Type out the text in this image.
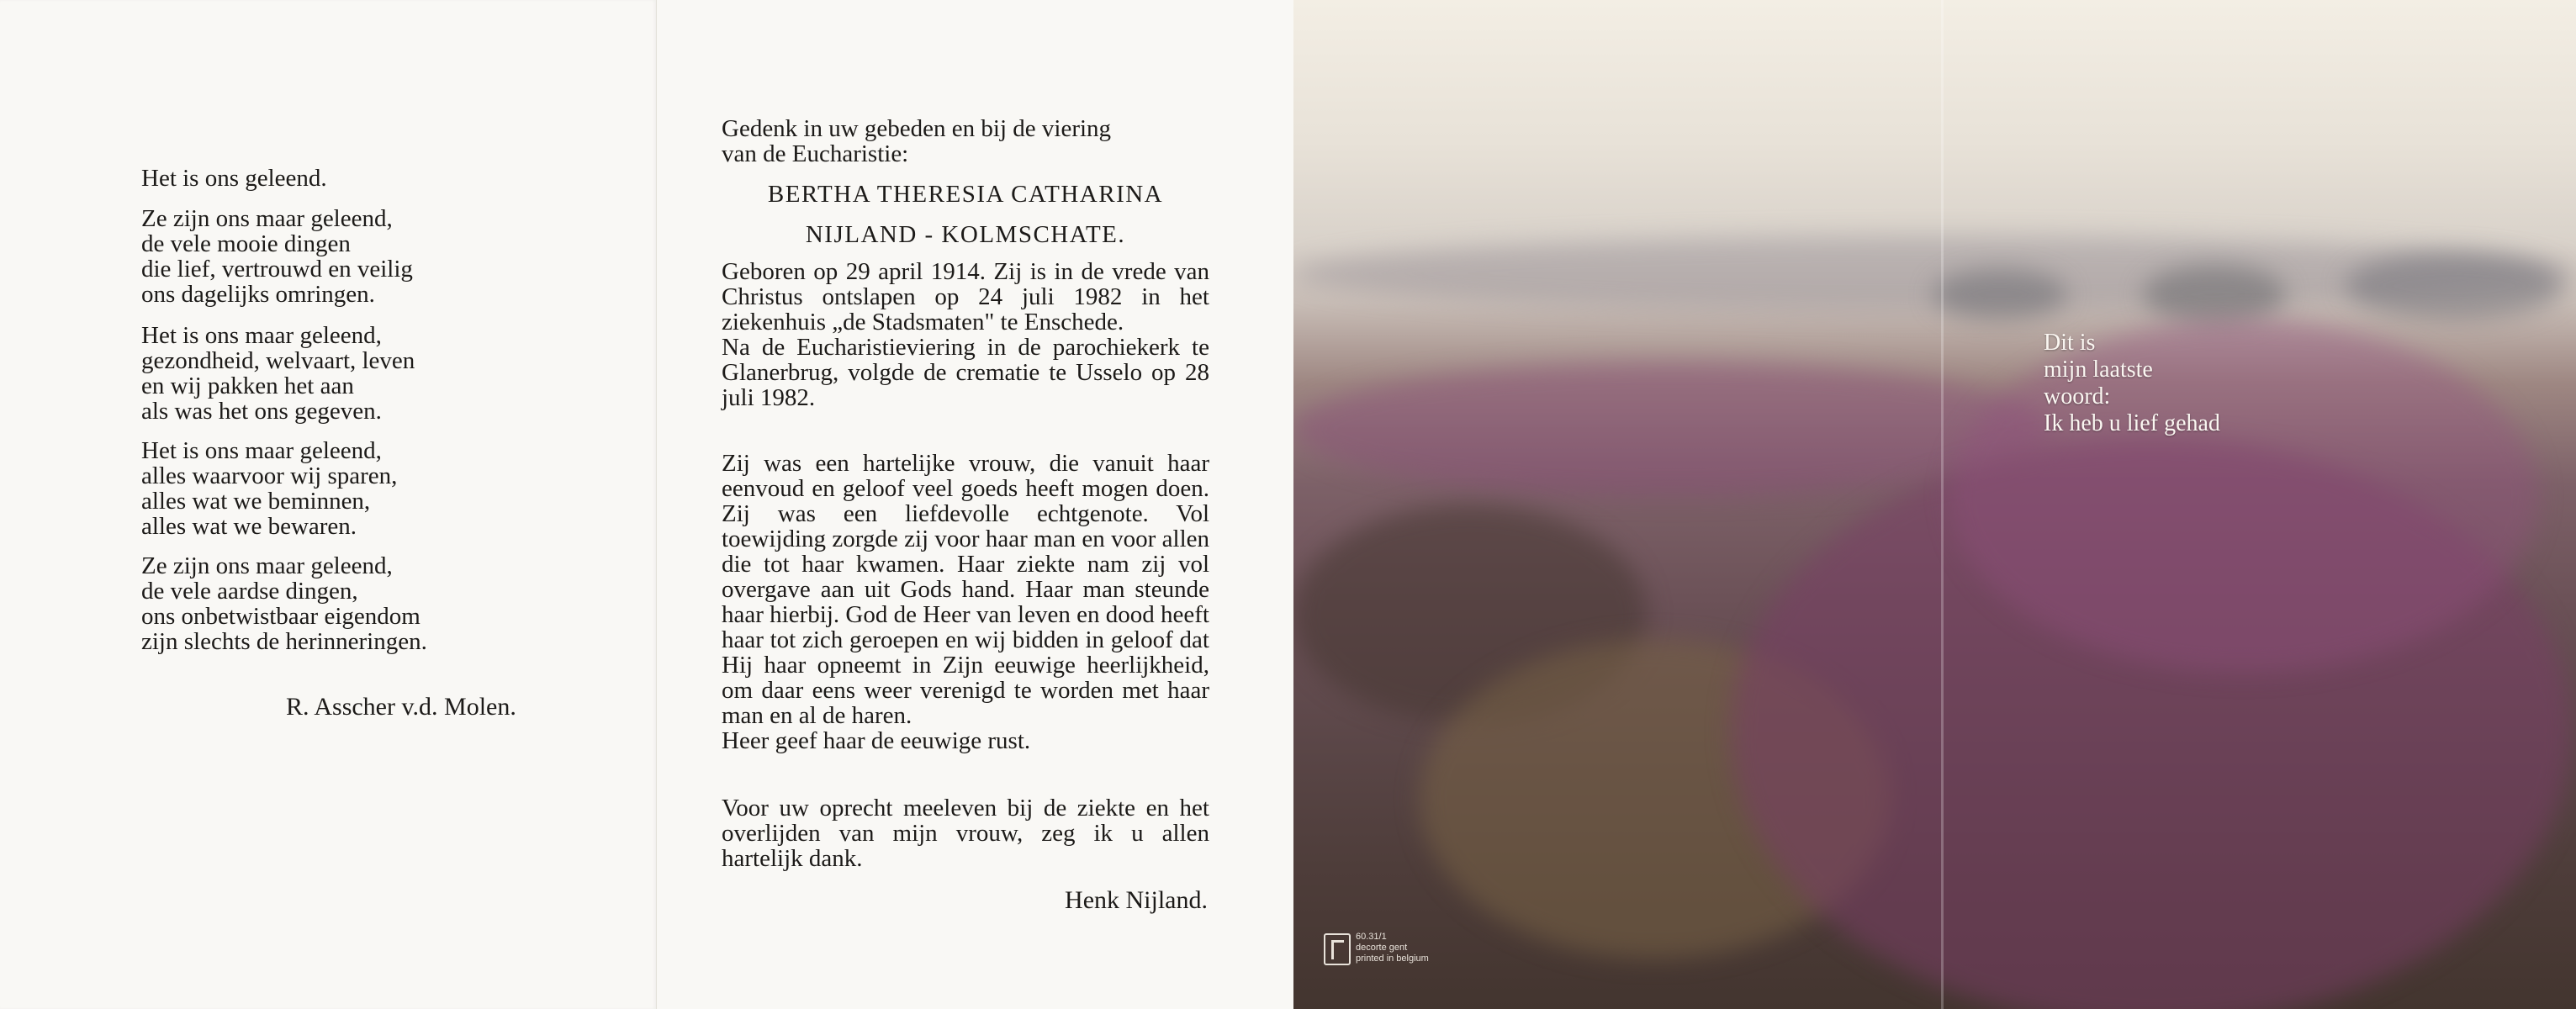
Het is ons geleend.
Ze zijn ons maar geleend,
de vele mooie dingen
die lief, vertrouwd en veilig
ons dagelijks omringen.
Het is ons maar geleend,
gezondheid, welvaart, leven
en wij pakken het aan
als was het ons gegeven.
Het is ons maar geleend,
alles waarvoor wij sparen,
alles wat we beminnen,
alles wat we bewaren.
Ze zijn ons maar geleend,
de vele aardse dingen,
ons onbetwistbaar eigendom
zijn slechts de herinneringen.
R. Asscher v.d. Molen.
Gedenk in uw gebeden en bij de viering
van de Eucharistie:
BERTHA THERESIA CATHARINA
NIJLAND - KOLMSCHATE.
Geboren op 29 april 1914. Zij is in de vrede van Christus ontslapen op 24 juli 1982 in het ziekenhuis „de Stadsmaten" te Enschede.
Na de Eucharistieviering in de parochiekerk te Glanerbrug, volgde de crematie te Usselo op 28 juli 1982.
Zij was een hartelijke vrouw, die vanuit haar eenvoud en geloof veel goeds heeft mogen doen. Zij was een liefdevolle echtgenote. Vol toewijding zorgde zij voor haar man en voor allen die tot haar kwamen. Haar ziekte nam zij vol overgave aan uit Gods hand. Haar man steunde haar hierbij. God de Heer van leven en dood heeft haar tot zich geroepen en wij bidden in geloof dat Hij haar opneemt in Zijn eeuwige heerlijkheid, om daar eens weer verenigd te worden met haar man en al de haren.
Heer geef haar de eeuwige rust.
Voor uw oprecht meeleven bij de ziekte en het overlijden van mijn vrouw, zeg ik u allen hartelijk dank.
Henk Nijland.
Dit is
mijn laatste
woord:
Ik heb u lief gehad
60.31/1
decorte gent
printed in belgium
